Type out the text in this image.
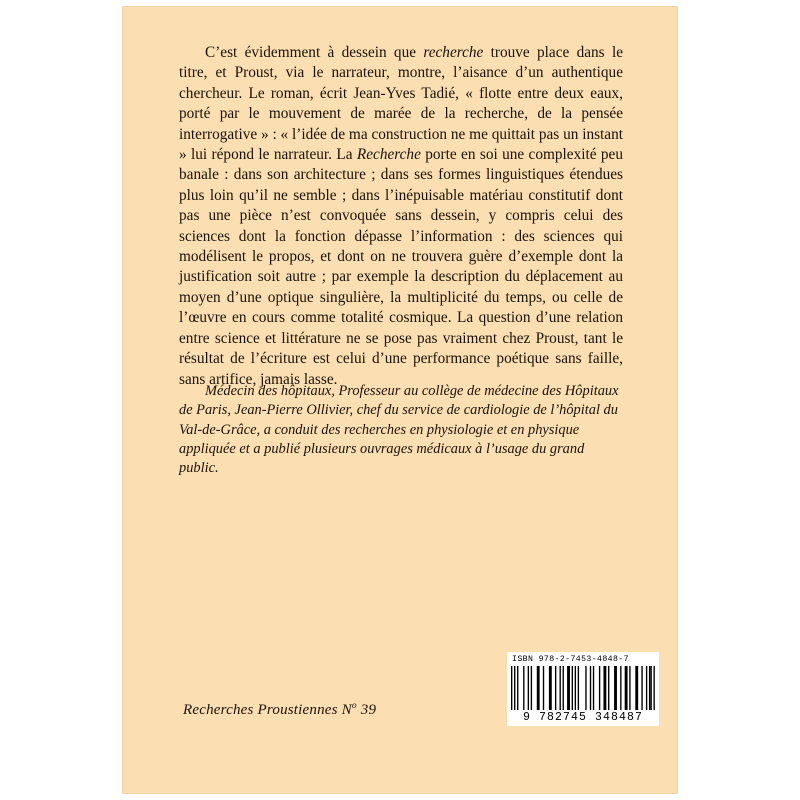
C’est évidemment à dessein que recherche trouve place dans le titre, et Proust, via le narrateur, montre, l’aisance d’un authentique chercheur. Le roman, écrit Jean-Yves Tadié, « flotte entre deux eaux, porté par le mouvement de marée de la recherche, de la pensée interrogative » : « l’idée de ma construction ne me quittait pas un instant » lui répond le narrateur. La Recherche porte en soi une complexité peu banale : dans son architecture ; dans ses formes linguistiques étendues plus loin qu’il ne semble ; dans l’inépuisable matériau constitutif dont pas une pièce n’est convoquée sans dessein, y compris celui des sciences dont la fonction dépasse l’information : des sciences qui modélisent le propos, et dont on ne trouvera guère d’exemple dont la justification soit autre ; par exemple la description du déplacement au moyen d’une optique singulière, la multiplicité du temps, ou celle de l’œuvre en cours comme totalité cosmique. La question d’une relation entre science et littérature ne se pose pas vraiment chez Proust, tant le résultat de l’écriture est celui d’une performance poétique sans faille, sans artifice, jamais lasse.
Médecin des hôpitaux, Professeur au collège de médecine des Hôpitaux de Paris, Jean-Pierre Ollivier, chef du service de cardiologie de l’hôpital du Val-de-Grâce, a conduit des recherches en physiologie et en physique appliquée et a publié plusieurs ouvrages médicaux à l’usage du grand public.
Recherches Proustiennes $N^o$ 39
ISBN 978-2-7453-4848-7
9 782745 348487
